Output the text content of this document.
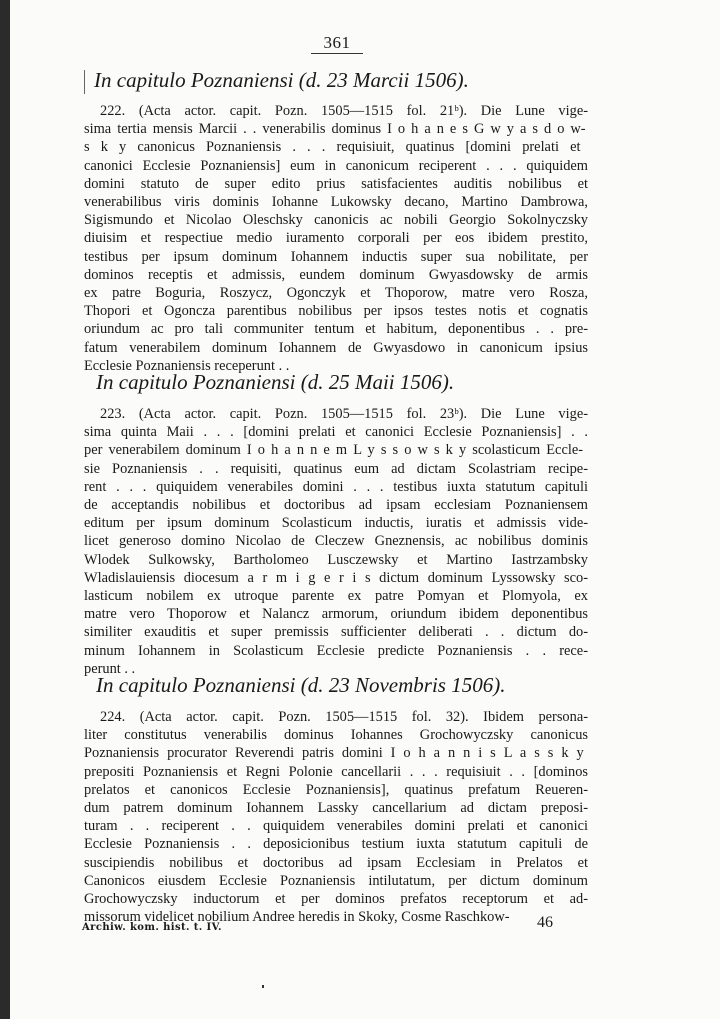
361
In capitulo Poznaniensi (d. 23 Marcii 1506).
222. (Acta actor. capit. Pozn. 1505—1515 fol. 21ᵇ). Die Lune vige-
sima tertia mensis Marcii . . venerabilis dominus I o h a n e s G w y a s d o w-
s k y canonicus Poznaniensis . . . requisiuit, quatinus [domini prelati et
canonici Ecclesie Poznaniensis] eum in canonicum reciperent . . . quiquidem
domini statuto de super edito prius satisfacientes auditis nobilibus et
venerabilibus viris dominis Iohanne Lukowsky decano, Martino Dambrowa,
Sigismundo et Nicolao Oleschsky canonicis ac nobili Georgio Sokolnyczsky
diuisim et respectiue medio iuramento corporali per eos ibidem prestito,
testibus per ipsum dominum Iohannem inductis super sua nobilitate, per
dominos receptis et admissis, eundem dominum Gwyasdowsky de armis
ex patre Boguria, Roszycz, Ogonczyk et Thoporow, matre vero Rosza,
Thopori et Ogoncza parentibus nobilibus per ipsos testes notis et cognatis
oriundum ac pro tali communiter tentum et habitum, deponentibus . . pre-
fatum venerabilem dominum Iohannem de Gwyasdowo in canonicum ipsius
Ecclesie Poznaniensis receperunt . .
In capitulo Poznaniensi (d. 25 Maii 1506).
223. (Acta actor. capit. Pozn. 1505—1515 fol. 23ᵇ). Die Lune vige-
sima quinta Maii . . . [domini prelati et canonici Ecclesie Poznaniensis] . .
per venerabilem dominum I o h a n n e m L y s s o w s k y scolasticum Eccle-
sie Poznaniensis . . requisiti, quatinus eum ad dictam Scolastriam recipe-
rent . . . quiquidem venerabiles domini . . . testibus iuxta statutum capituli
de acceptandis nobilibus et doctoribus ad ipsam ecclesiam Poznaniensem
editum per ipsum dominum Scolasticum inductis, iuratis et admissis vide-
licet generoso domino Nicolao de Cleczew Gneznensis, ac nobilibus dominis
Wlodek Sulkowsky, Bartholomeo Lusczewsky et Martino Iastrzambsky
Wladislauiensis diocesum a r m i g e r i s dictum dominum Lyssowsky sco-
lasticum nobilem ex utroque parente ex patre Pomyan et Plomyola, ex
matre vero Thoporow et Nalancz armorum, oriundum ibidem deponentibus
similiter exauditis et super premissis sufficienter deliberati . . dictum do-
minum Iohannem in Scolasticum Ecclesie predicte Poznaniensis . . rece-
perunt . .
In capitulo Poznaniensi (d. 23 Novembris 1506).
224. (Acta actor. capit. Pozn. 1505—1515 fol. 32). Ibidem persona-
liter constitutus venerabilis dominus Iohannes Grochowyczsky canonicus
Poznaniensis procurator Reverendi patris domini I o h a n n i s L a s s k y
prepositi Poznaniensis et Regni Polonie cancellarii . . . requisiuit . . [dominos
prelatos et canonicos Ecclesie Poznaniensis], quatinus prefatum Reueren-
dum patrem dominum Iohannem Lassky cancellarium ad dictam preposi-
turam . . reciperent . . quiquidem venerabiles domini prelati et canonici
Ecclesie Poznaniensis . . deposicionibus testium iuxta statutum capituli de
suscipiendis nobilibus et doctoribus ad ipsam Ecclesiam in Prelatos et
Canonicos eiusdem Ecclesie Poznaniensis intilutatum, per dictum dominum
Grochowyczsky inductorum et per dominos prefatos receptorum et ad-
missorum videlicet nobilium Andree heredis in Skoky, Cosme Raschkow-
Archiw. kom. hist. t. IV.	46
